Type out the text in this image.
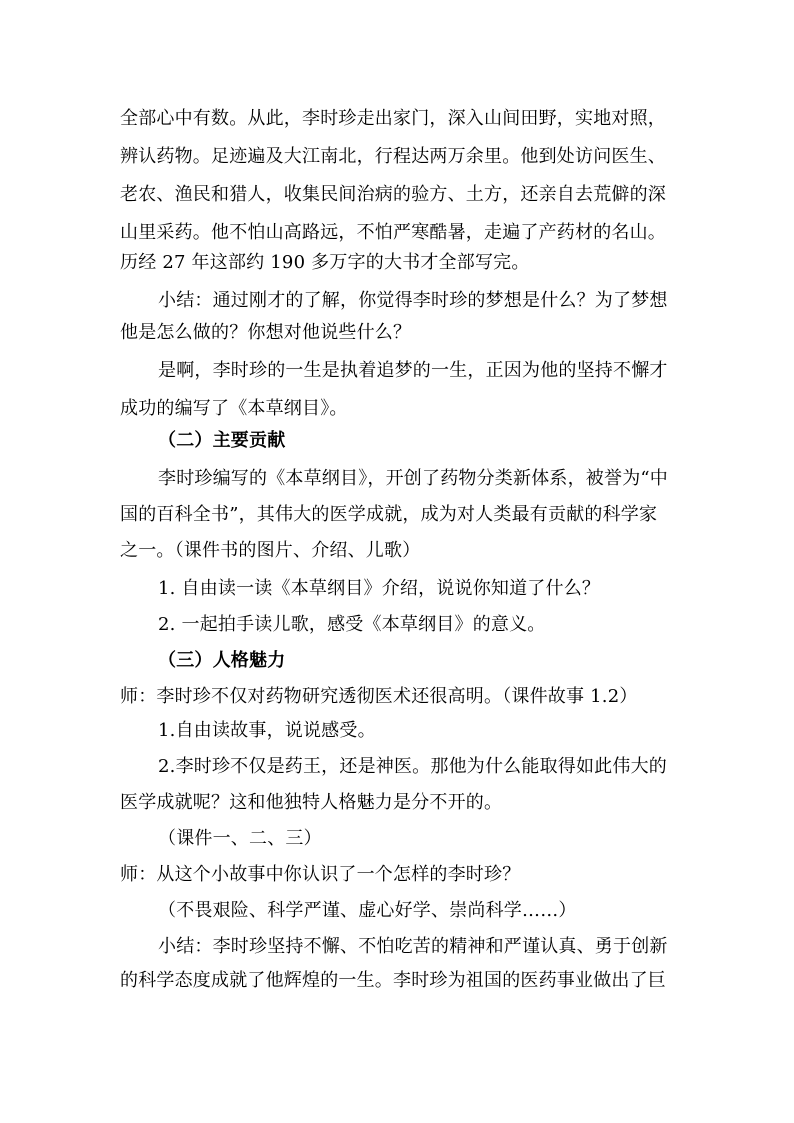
全部心中有数。从此，李时珍走出家门，深入山间田野，实地对照，
辨认药物。足迹遍及大江南北，行程达两万余里。他到处访问医生、
老农、渔民和猎人，收集民间治病的验方、土方，还亲自去荒僻的深
山里采药。他不怕山高路远，不怕严寒酷暑，走遍了产药材的名山。
历经 27 年这部约 190 多万字的大书才全部写完。
小结：通过刚才的了解，你觉得李时珍的梦想是什么？为了梦想
他是怎么做的？你想对他说些什么？
是啊，李时珍的一生是执着追梦的一生，正因为他的坚持不懈才
成功的编写了《本草纲目》。
（二）主要贡献
李时珍编写的《本草纲目》，开创了药物分类新体系，被誉为“中
国的百科全书”，其伟大的医学成就，成为对人类最有贡献的科学家
之一。（课件书的图片、介绍、儿歌）
1. 自由读一读《本草纲目》介绍，说说你知道了什么？
2. 一起拍手读儿歌，感受《本草纲目》的意义。
（三）人格魅力
师：李时珍不仅对药物研究透彻医术还很高明。（课件故事 1.2）
1.自由读故事，说说感受。
2.李时珍不仅是药王，还是神医。那他为什么能取得如此伟大的
医学成就呢？这和他独特人格魅力是分不开的。
（课件一、二、三）
师：从这个小故事中你认识了一个怎样的李时珍？
（不畏艰险、科学严谨、虚心好学、崇尚科学……）
小结：李时珍坚持不懈、不怕吃苦的精神和严谨认真、勇于创新
的科学态度成就了他辉煌的一生。李时珍为祖国的医药事业做出了巨
